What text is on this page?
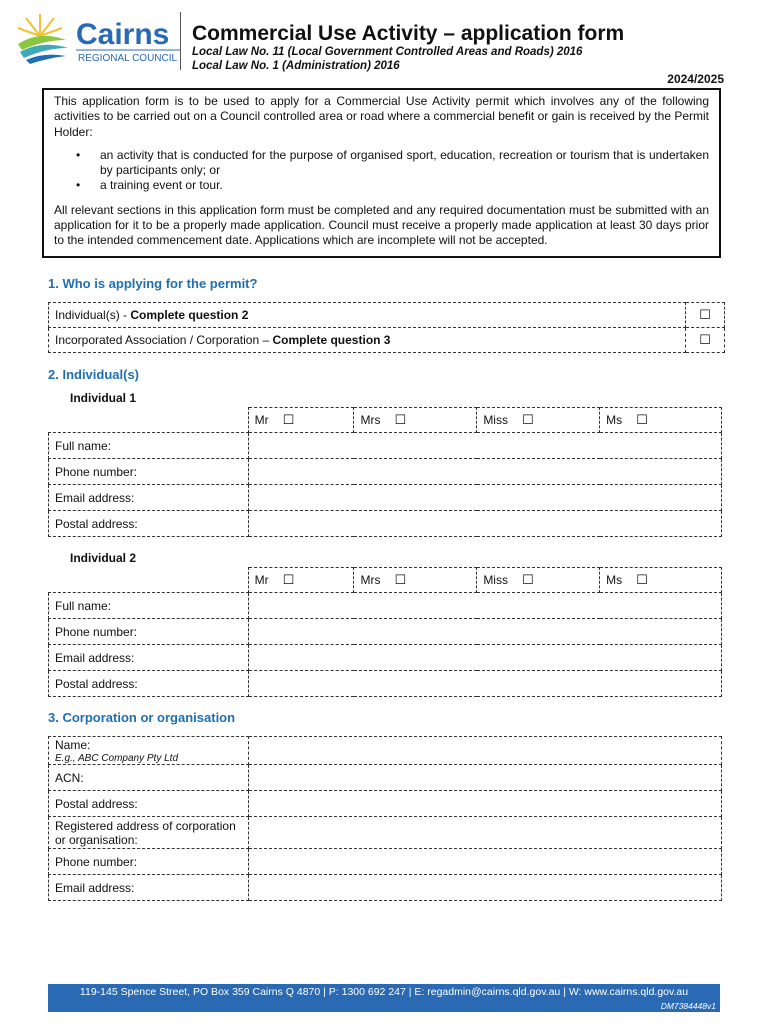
Cairns
REGIONAL COUNCIL
Commercial Use Activity – application form
Local Law No. 11 (Local Government Controlled Areas and Roads) 2016
Local Law No. 1 (Administration) 2016
2024/2025

This application form is to be used to apply for a Commercial Use Activity permit which involves any of the following activities to be carried out on a Council controlled area or road where a commercial benefit or gain is received by the Permit Holder:

• an activity that is conducted for the purpose of organised sport, education, recreation or tourism that is undertaken by participants only; or
• a training event or tour.

All relevant sections in this application form must be completed and any required documentation must be submitted with an application for it to be a properly made application. Council must receive a properly made application at least 30 days prior to the intended commencement date. Applications which are incomplete will not be accepted.

1. Who is applying for the permit?
Individual(s) - Complete question 2	☐
Incorporated Association / Corporation – Complete question 3	☐
2. Individual(s)
Individual 1
	Mr ☐	Mrs ☐	Miss ☐	Ms ☐
Full name:				
Phone number:				
Email address:				
Postal address:				
Individual 2
	Mr ☐	Mrs ☐	Miss ☐	Ms ☐
Full name:				
Phone number:				
Email address:				
Postal address:				
3. Corporation or organisation
Name:
E.g., ABC Company Pty Ltd	

ACN:	
Postal address:	
Registered address of corporation or organisation:	
Phone number:	
Email address:	
119-145 Spence Street, PO Box 359 Cairns Q 4870 | P: 1300 692 247 | E: regadmin@cairns.qld.gov.au | W: www.cairns.qld.gov.au
DM7384448v1
